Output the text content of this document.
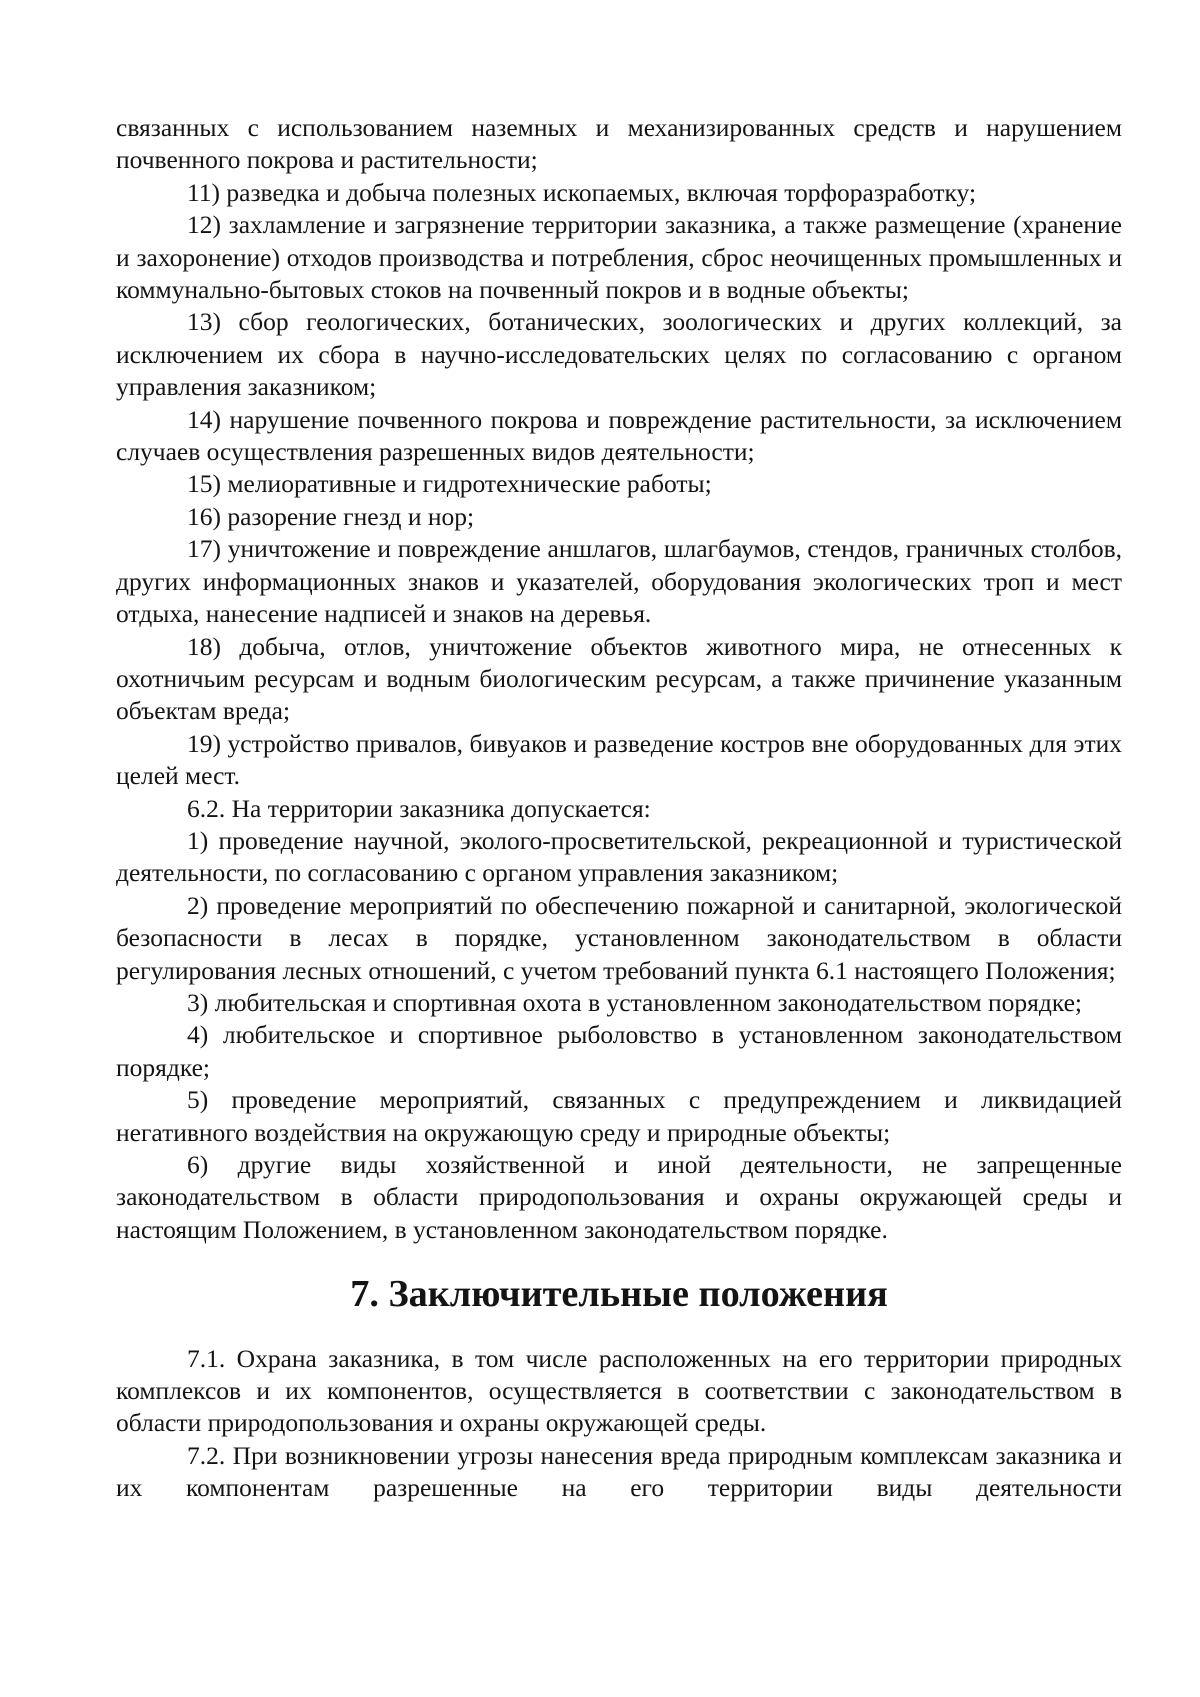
связанных с использованием наземных и механизированных средств и нарушением почвенного покрова и растительности;

11) разведка и добыча полезных ископаемых, включая торфоразработку;

12) захламление и загрязнение территории заказника, а также размещение (хранение и захоронение) отходов производства и потребления, сброс неочищенных промышленных и коммунально-бытовых стоков на почвенный покров и в водные объекты;

13) сбор геологических, ботанических, зоологических и других коллекций, за исключением их сбора в научно-исследовательских целях по согласованию с органом управления заказником;

14) нарушение почвенного покрова и повреждение растительности, за исключением случаев осуществления разрешенных видов деятельности;

15) мелиоративные и гидротехнические работы;

16) разорение гнезд и нор;

17) уничтожение и повреждение аншлагов, шлагбаумов, стендов, граничных столбов, других информационных знаков и указателей, оборудования экологических троп и мест отдыха, нанесение надписей и знаков на деревья.

18) добыча, отлов, уничтожение объектов животного мира, не отнесенных к охотничьим ресурсам и водным биологическим ресурсам, а также причинение указанным объектам вреда;

19) устройство привалов, бивуаков и разведение костров вне оборудованных для этих целей мест.

6.2. На территории заказника допускается:

1) проведение научной, эколого-просветительской, рекреационной и туристической деятельности, по согласованию с органом управления заказником;

2) проведение мероприятий по обеспечению пожарной и санитарной, экологической безопасности в лесах в порядке, установленном законодательством в области регулирования лесных отношений, с учетом требований пункта 6.1 настоящего Положения;

3) любительская и спортивная охота в установленном законодательством порядке;

4) любительское и спортивное рыболовство в установленном законодательством порядке;

5) проведение мероприятий, связанных с предупреждением и ликвидацией негативного воздействия на окружающую среду и природные объекты;

6) другие виды хозяйственной и иной деятельности, не запрещенные законодательством в области природопользования и охраны окружающей среды и настоящим Положением, в установленном законодательством порядке.

7. Заключительные положения

7.1. Охрана заказника, в том числе расположенных на его территории природных комплексов и их компонентов, осуществляется в соответствии с законодательством в области природопользования и охраны окружающей среды.

7.2. При возникновении угрозы нанесения вреда природным комплексам заказника и их компонентам разрешенные на его территории виды деятельности
